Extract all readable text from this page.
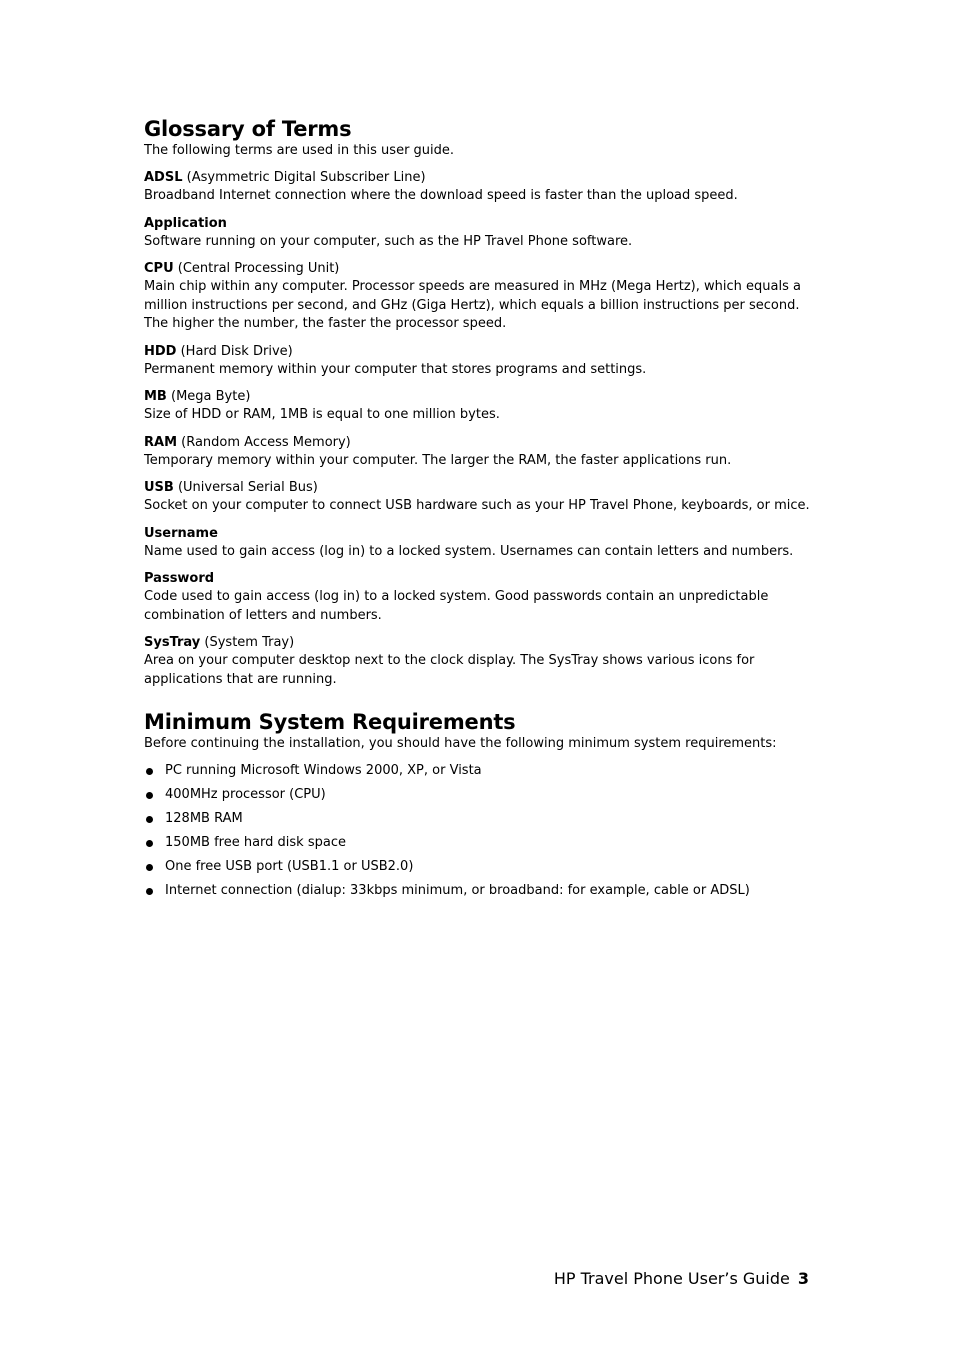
Glossary of Terms

The following terms are used in this user guide.

ADSL (Asymmetric Digital Subscriber Line)

Broadband Internet connection where the download speed is faster than the upload speed.

Application

Software running on your computer, such as the HP Travel Phone software.

CPU (Central Processing Unit)

Main chip within any computer. Processor speeds are measured in MHz (Mega Hertz), which equals a million instructions per second, and GHz (Giga Hertz), which equals a billion instructions per second. The higher the number, the faster the processor speed.

HDD (Hard Disk Drive)

Permanent memory within your computer that stores programs and settings.

MB (Mega Byte)

Size of HDD or RAM, 1MB is equal to one million bytes.

RAM (Random Access Memory)

Temporary memory within your computer. The larger the RAM, the faster applications run.

USB (Universal Serial Bus)

Socket on your computer to connect USB hardware such as your HP Travel Phone, keyboards, or mice.

Username

Name used to gain access (log in) to a locked system. Usernames can contain letters and numbers.

Password

Code used to gain access (log in) to a locked system. Good passwords contain an unpredictable combination of letters and numbers.

SysTray (System Tray)

Area on your computer desktop next to the clock display. The SysTray shows various icons for applications that are running.

Minimum System Requirements

Before continuing the installation, you should have the following minimum system requirements:

PC running Microsoft Windows 2000, XP, or Vista
400MHz processor (CPU)
128MB RAM
150MB free hard disk space
One free USB port (USB1.1 or USB2.0)
Internet connection (dialup: 33kbps minimum, or broadband: for example, cable or ADSL)
HP Travel Phone User’s Guide 3
